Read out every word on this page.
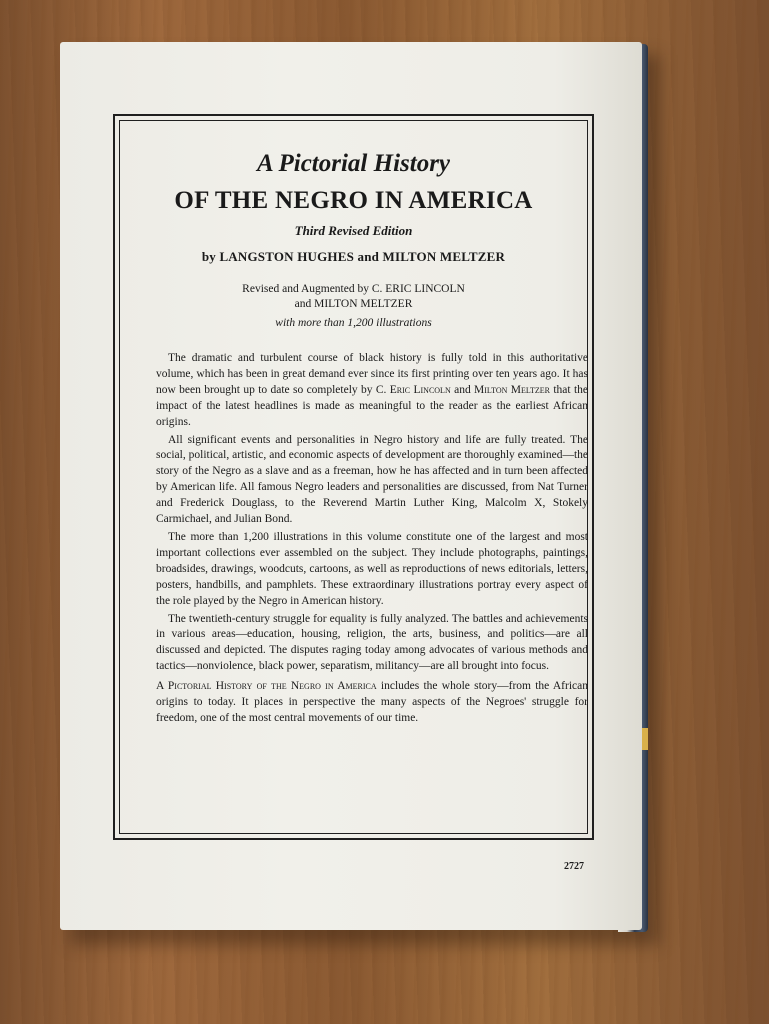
A Pictorial History
OF THE NEGRO IN AMERICA
Third Revised Edition
by LANGSTON HUGHES and MILTON MELTZER
Revised and Augmented by C. ERIC LINCOLN
and MILTON MELTZER
with more than 1,200 illustrations

The dramatic and turbulent course of black history is fully told in this authoritative volume, which has been in great demand ever since its first printing over ten years ago. It has now been brought up to date so completely by C. Eric Lincoln and Milton Meltzer that the impact of the latest headlines is made as meaningful to the reader as the earliest African origins.

All significant events and personalities in Negro history and life are fully treated. The social, political, artistic, and economic aspects of development are thoroughly examined—the story of the Negro as a slave and as a freeman, how he has affected and in turn been affected by American life. All famous Negro leaders and personalities are discussed, from Nat Turner and Frederick Douglass, to the Reverend Martin Luther King, Malcolm X, Stokely Carmichael, and Julian Bond.

The more than 1,200 illustrations in this volume constitute one of the largest and most important collections ever assembled on the subject. They include photographs, paintings, broadsides, drawings, woodcuts, cartoons, as well as reproductions of news editorials, letters, posters, handbills, and pamphlets. These extraordinary illustrations portray every aspect of the role played by the Negro in American history.

The twentieth-century struggle for equality is fully analyzed. The battles and achievements in various areas—education, housing, religion, the arts, business, and politics—are all discussed and depicted. The disputes raging today among advocates of various methods and tactics—nonviolence, black power, separatism, militancy—are all brought into focus.

A Pictorial History of the Negro in America includes the whole story—from the African origins to today. It places in perspective the many aspects of the Negroes' struggle for freedom, one of the most central movements of our time.

2727
